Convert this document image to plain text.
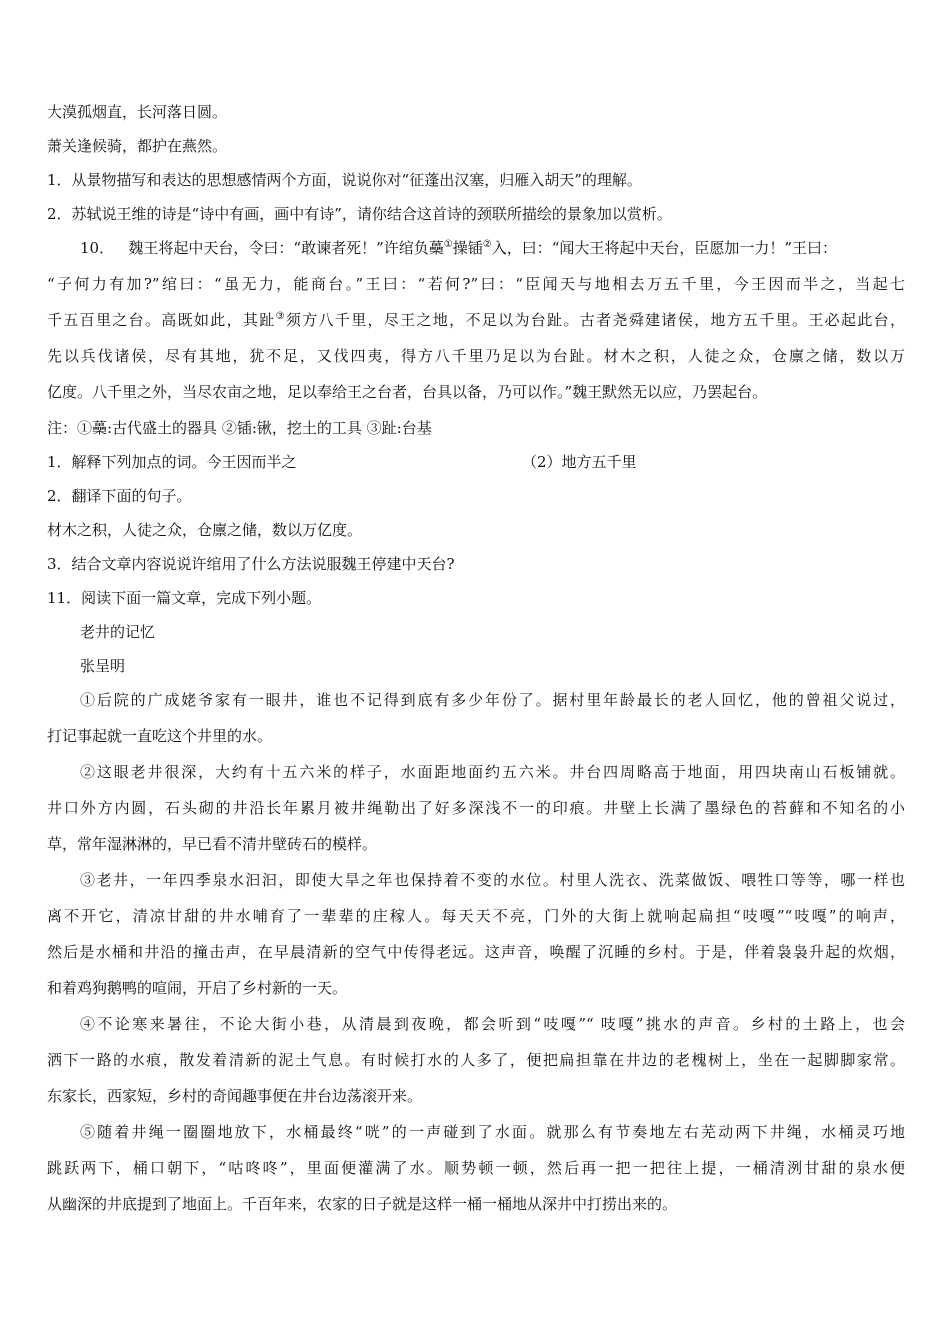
大漠孤烟直，长河落日圆。
萧关逢候骑，都护在燕然。
1．从景物描写和表达的思想感情两个方面，说说你对“征蓬出汉塞，归雁入胡天”的理解。
2．苏轼说王维的诗是“诗中有画，画中有诗”，请你结合这首诗的颈联所描绘的景象加以赏析。
10． 魏王将起中天台，令曰：“敢谏者死！”许绾负蘽①操锸②入，曰：“闻大王将起中天台，臣愿加一力！”王曰：
“子何力有加?”绾曰：“虽无力，能商台。”王曰：“若何?”曰：“臣闻天与地相去万五千里，今王因而半之，当起七
千五百里之台。高既如此，其趾③须方八千里，尽王之地，不足以为台趾。古者尧舜建诸侯，地方五千里。王必起此台，
先以兵伐诸侯，尽有其地，犹不足，又伐四夷，得方八千里乃足以为台趾。材木之积，人徒之众，仓廪之储，数以万
亿度。八千里之外，当尽农亩之地，足以奉给王之台者，台具以备，乃可以作。”魏王默然无以应，乃罢起台。
注：①蘽:古代盛土的器具 ②锸:锹，挖土的工具 ③趾:台基
1．解释下列加点的词。今王因而半之	（2）地方五千里
2．翻译下面的句子。
材木之积，人徒之众，仓廪之储，数以万亿度。
3．结合文章内容说说许绾用了什么方法说服魏王停建中天台?
11．阅读下面一篇文章，完成下列小题。
老井的记忆
张呈明
①后院的广成姥爷家有一眼井，谁也不记得到底有多少年份了。据村里年龄最长的老人回忆，他的曾祖父说过，
打记事起就一直吃这个井里的水。
②这眼老井很深，大约有十五六米的样子，水面距地面约五六米。井台四周略高于地面，用四块南山石板铺就。
井口外方内圆，石头砌的井沿长年累月被井绳勒出了好多深浅不一的印痕。井壁上长满了墨绿色的苔藓和不知名的小
草，常年湿淋淋的，早已看不清井壁砖石的模样。
③老井，一年四季泉水汩汩，即使大旱之年也保持着不变的水位。村里人洗衣、洗菜做饭、喂牲口等等，哪一样也
离不开它，清凉甘甜的井水哺育了一辈辈的庄稼人。每天天不亮，门外的大街上就响起扁担“吱嘎”“吱嘎”的响声，
然后是水桶和井沿的撞击声，在早晨清新的空气中传得老远。这声音，唤醒了沉睡的乡村。于是，伴着袅袅升起的炊烟，
和着鸡狗鹅鸭的喧闹，开启了乡村新的一天。
④不论寒来暑往，不论大街小巷，从清晨到夜晚，都会听到“吱嘎”“ 吱嘎”挑水的声音。乡村的土路上，也会
洒下一路的水痕，散发着清新的泥土气息。有时候打水的人多了，便把扁担靠在井边的老槐树上，坐在一起脚脚家常。
东家长，西家短，乡村的奇闻趣事便在井台边荡滚开来。
⑤随着井绳一圈圈地放下，水桶最终“咣”的一声碰到了水面。就那么有节奏地左右芜动两下井绳，水桶灵巧地
跳跃两下，桶口朝下，“咕咚咚”，里面便灌满了水。顺势顿一顿，然后再一把一把往上提，一桶清洌甘甜的泉水便
从幽深的井底提到了地面上。千百年来，农家的日子就是这样一桶一桶地从深井中打捞出来的。
